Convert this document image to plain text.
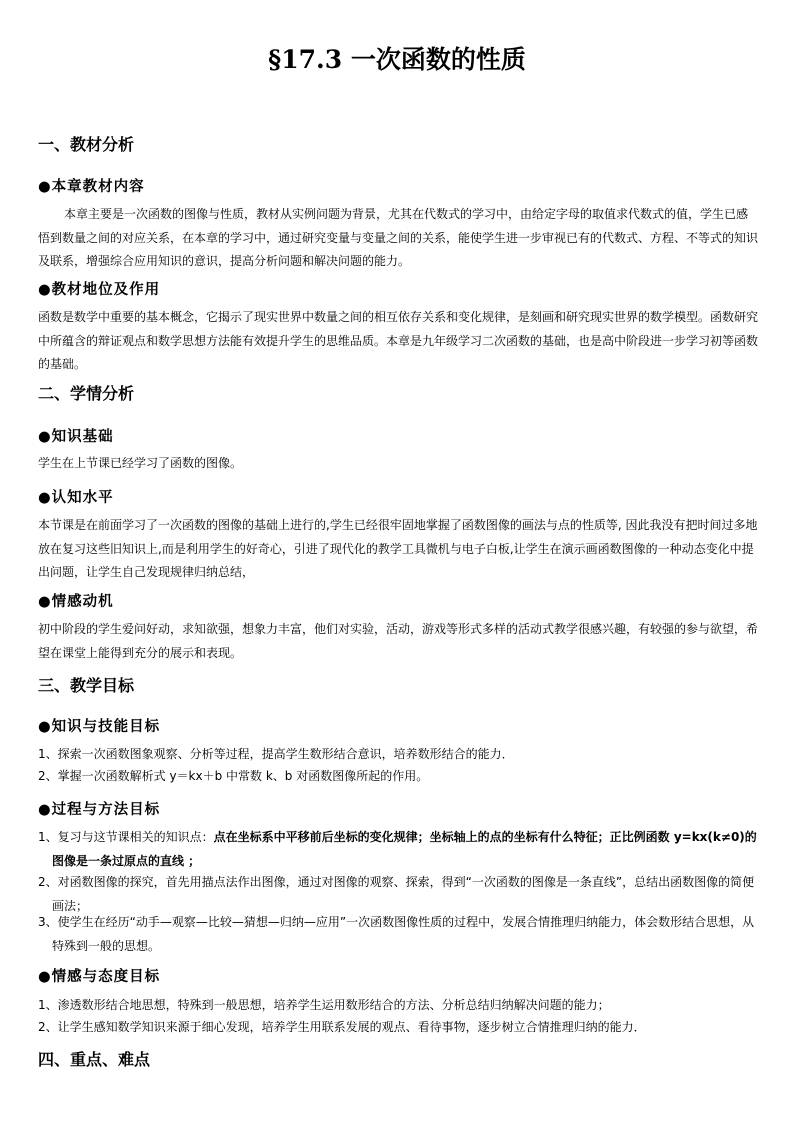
§17.3 一次函数的性质
一、教材分析
●本章教材内容
本章主要是一次函数的图像与性质，教材从实例问题为背景，尤其在代数式的学习中，由给定字母的取值求代数式的值，学生已感悟到数量之间的对应关系，在本章的学习中，通过研究变量与变量之间的关系，能使学生进一步审视已有的代数式、方程、不等式的知识及联系，增强综合应用知识的意识，提高分析问题和解决问题的能力。
●教材地位及作用
函数是数学中重要的基本概念，它揭示了现实世界中数量之间的相互依存关系和变化规律，是刻画和研究现实世界的数学模型。函数研究中所蕴含的辩证观点和数学思想方法能有效提升学生的思维品质。本章是九年级学习二次函数的基础，也是高中阶段进一步学习初等函数的基础。
二、学情分析
●知识基础
学生在上节课已经学习了函数的图像。
●认知水平
本节课是在前面学习了一次函数的图像的基础上进行的,学生已经很牢固地掌握了函数图像的画法与点的性质等, 因此我没有把时间过多地放在复习这些旧知识上,而是利用学生的好奇心，引进了现代化的教学工具微机与电子白板,让学生在演示画函数图像的一种动态变化中提出问题，让学生自己发现规律归纳总结，
●情感动机
初中阶段的学生爱问好动，求知欲强，想象力丰富，他们对实验，活动，游戏等形式多样的活动式教学很感兴趣，有较强的参与欲望，希望在课堂上能得到充分的展示和表现。
三、教学目标
●知识与技能目标
1、探索一次函数图象观察、分析等过程，提高学生数形结合意识，培养数形结合的能力．
2、掌握一次函数解析式 y＝kx＋b 中常数 k、b 对函数图像所起的作用。
●过程与方法目标
1、复习与这节课相关的知识点：点在坐标系中平移前后坐标的变化规律；坐标轴上的点的坐标有什么特征；正比例函数 y=kx(k≠0)的图像是一条过原点的直线 ；
2、对函数图像的探究，首先用描点法作出图像，通过对图像的观察、探索，得到“一次函数的图像是一条直线”，总结出函数图像的简便画法；
3、使学生在经历“动手—观察—比较—猜想—归纳—应用”一次函数图像性质的过程中，发展合情推理归纳能力，体会数形结合思想，从特殊到一般的思想。
●情感与态度目标
1、渗透数形结合地思想，特殊到一般思想，培养学生运用数形结合的方法、分析总结归纳解决问题的能力；
2、让学生感知数学知识来源于细心发现，培养学生用联系发展的观点、看待事物，逐步树立合情推理归纳的能力．
四、重点、难点
